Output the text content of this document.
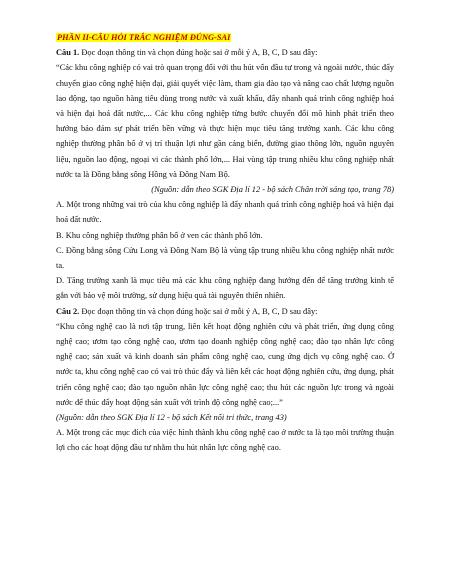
PHẦN II-CÂU HỎI TRẮC NGHIỆM ĐÚNG-SAI

Câu 1. Đọc đoạn thông tin và chọn đúng hoặc sai ở mỗi ý A, B, C, D sau đây:

“Các khu công nghiệp có vai trò quan trọng đối với thu hút vốn đầu tư trong và ngoài nước, thúc đẩy chuyển giao công nghệ hiện đại, giải quyết việc làm, tham gia đào tạo và nâng cao chất lượng nguồn lao động, tạo nguồn hàng tiêu dùng trong nước và xuất khẩu, đẩy nhanh quá trình công nghiệp hoá và hiện đại hoá đất nước,... Các khu công nghiệp từng bước chuyển đổi mô hình phát triển theo hướng bảo đảm sự phát triển bền vững và thực hiện mục tiêu tăng trưởng xanh. Các khu công nghiệp thường phân bố ở vị trí thuận lợi như gần cảng biển, đường giao thông lớn, nguồn nguyên liệu, nguồn lao động, ngoại vi các thành phố lớn,... Hai vùng tập trung nhiều khu công nghiệp nhất nước ta là Đồng bằng sông Hồng và Đông Nam Bộ.

(Nguồn: dẫn theo SGK Địa lí 12 - bộ sách Chân trời sáng tạo, trang 78)

A. Một trong những vai trò của khu công nghiệp là đẩy nhanh quá trình công nghiệp hoá và hiện đại hoá đất nước.

B. Khu công nghiệp thường phân bố ở ven các thành phố lớn.

C. Đồng bằng sông Cửu Long và Đông Nam Bộ là vùng tập trung nhiều khu công nghiệp nhất nước ta.

D. Tăng trưởng xanh là mục tiêu mà các khu công nghiệp đang hướng đến để tăng trưởng kinh tế gắn với bảo vệ môi trường, sử dụng hiệu quả tài nguyên thiên nhiên.

Câu 2. Đọc đoạn thông tin và chọn đúng hoặc sai ở mỗi ý A, B, C, D sau đây:

“Khu công nghệ cao là nơi tập trung, liên kết hoạt động nghiên cứu và phát triển, ứng dụng công nghệ cao; ươm tạo công nghệ cao, ươm tạo doanh nghiệp công nghệ cao; đào tạo nhân lực công nghệ cao; sản xuất và kinh doanh sản phẩm công nghệ cao, cung ứng dịch vụ công nghệ cao. Ở nước ta, khu công nghệ cao có vai trò thúc đẩy và liên kết các hoạt động nghiên cứu, ứng dụng, phát triển công nghệ cao; đào tạo nguồn nhân lực công nghệ cao; thu hút các nguồn lực trong và ngoài nước để thúc đẩy hoạt động sản xuất với trình độ công nghệ cao;...”

(Nguồn: dẫn theo SGK Địa lí 12 - bộ sách Kết nối tri thức, trang 43)

A. Một trong các mục đích của việc hình thành khu công nghệ cao ở nước ta là tạo môi trường thuận lợi cho các hoạt động đầu tư nhằm thu hút nhân lực công nghệ cao.
